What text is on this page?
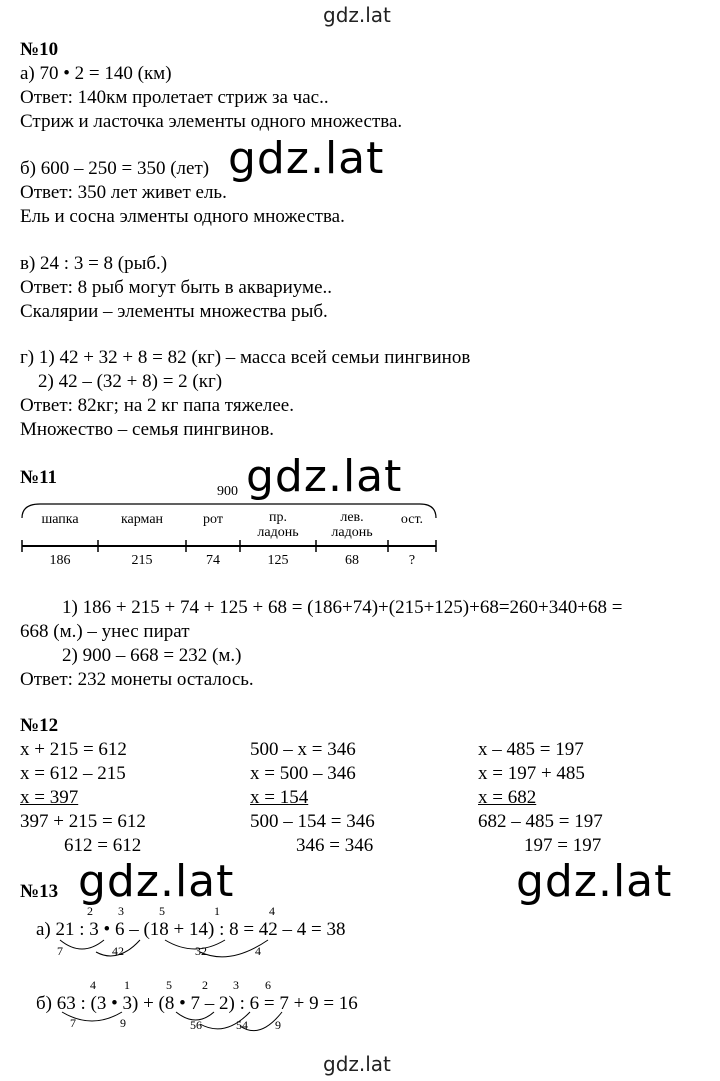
gdz.lat
gdz.lat
№10
а) 70 • 2 = 140 (км)
Ответ: 140км пролетает стриж за час..
Стриж и ласточка элементы одного множества.
б) 600 – 250 = 350 (лет)
Ответ: 350 лет живет ель.
Ель и сосна элменты одного множества.
в) 24 : 3 = 8 (рыб.)
Ответ: 8 рыб могут быть в аквариуме..
Скалярии – элементы множества рыб.
г) 1) 42 + 32 + 8 = 82 (кг) – масса всей семьи пингвинов
2) 42 – (32 + 8) = 2 (кг)
Ответ: 82кг; на 2 кг папа тяжелее.
Множество – семья пингвинов.
gdz.lat
№11	gdz.lat
900
шапка	карман	рот	пр.
ладонь
лев.
ладонь
ост.
186	215	74	125	68	?
1) 186 + 215 + 74 + 125 + 68 = (186+74)+(215+125)+68=260+340+68 =
668 (м.) – унес пират
2) 900 – 668 = 232 (м.)
Ответ: 232 монеты осталось.
№12
x + 215 = 612
x = 612 – 215
x = 397
397 + 215 = 612
612 = 612
500 – x = 346
x = 500 – 346
x = 154
500 – 154 = 346
346 = 346
x – 485 = 197
x = 197 + 485
x = 682
682 – 485 = 197
197 = 197
№13 gdz.lat	gdz.lat
2 3	5	1	4
а) 21 : 3 • 6 – (18 + 14) : 8 = 42 – 4 = 38
7	42	32	4
4 1	5	2 3 6
б) 63 : (3 • 3) + (8 • 7 – 2) : 6 = 7 + 9 = 16
7	9	56	54 9
